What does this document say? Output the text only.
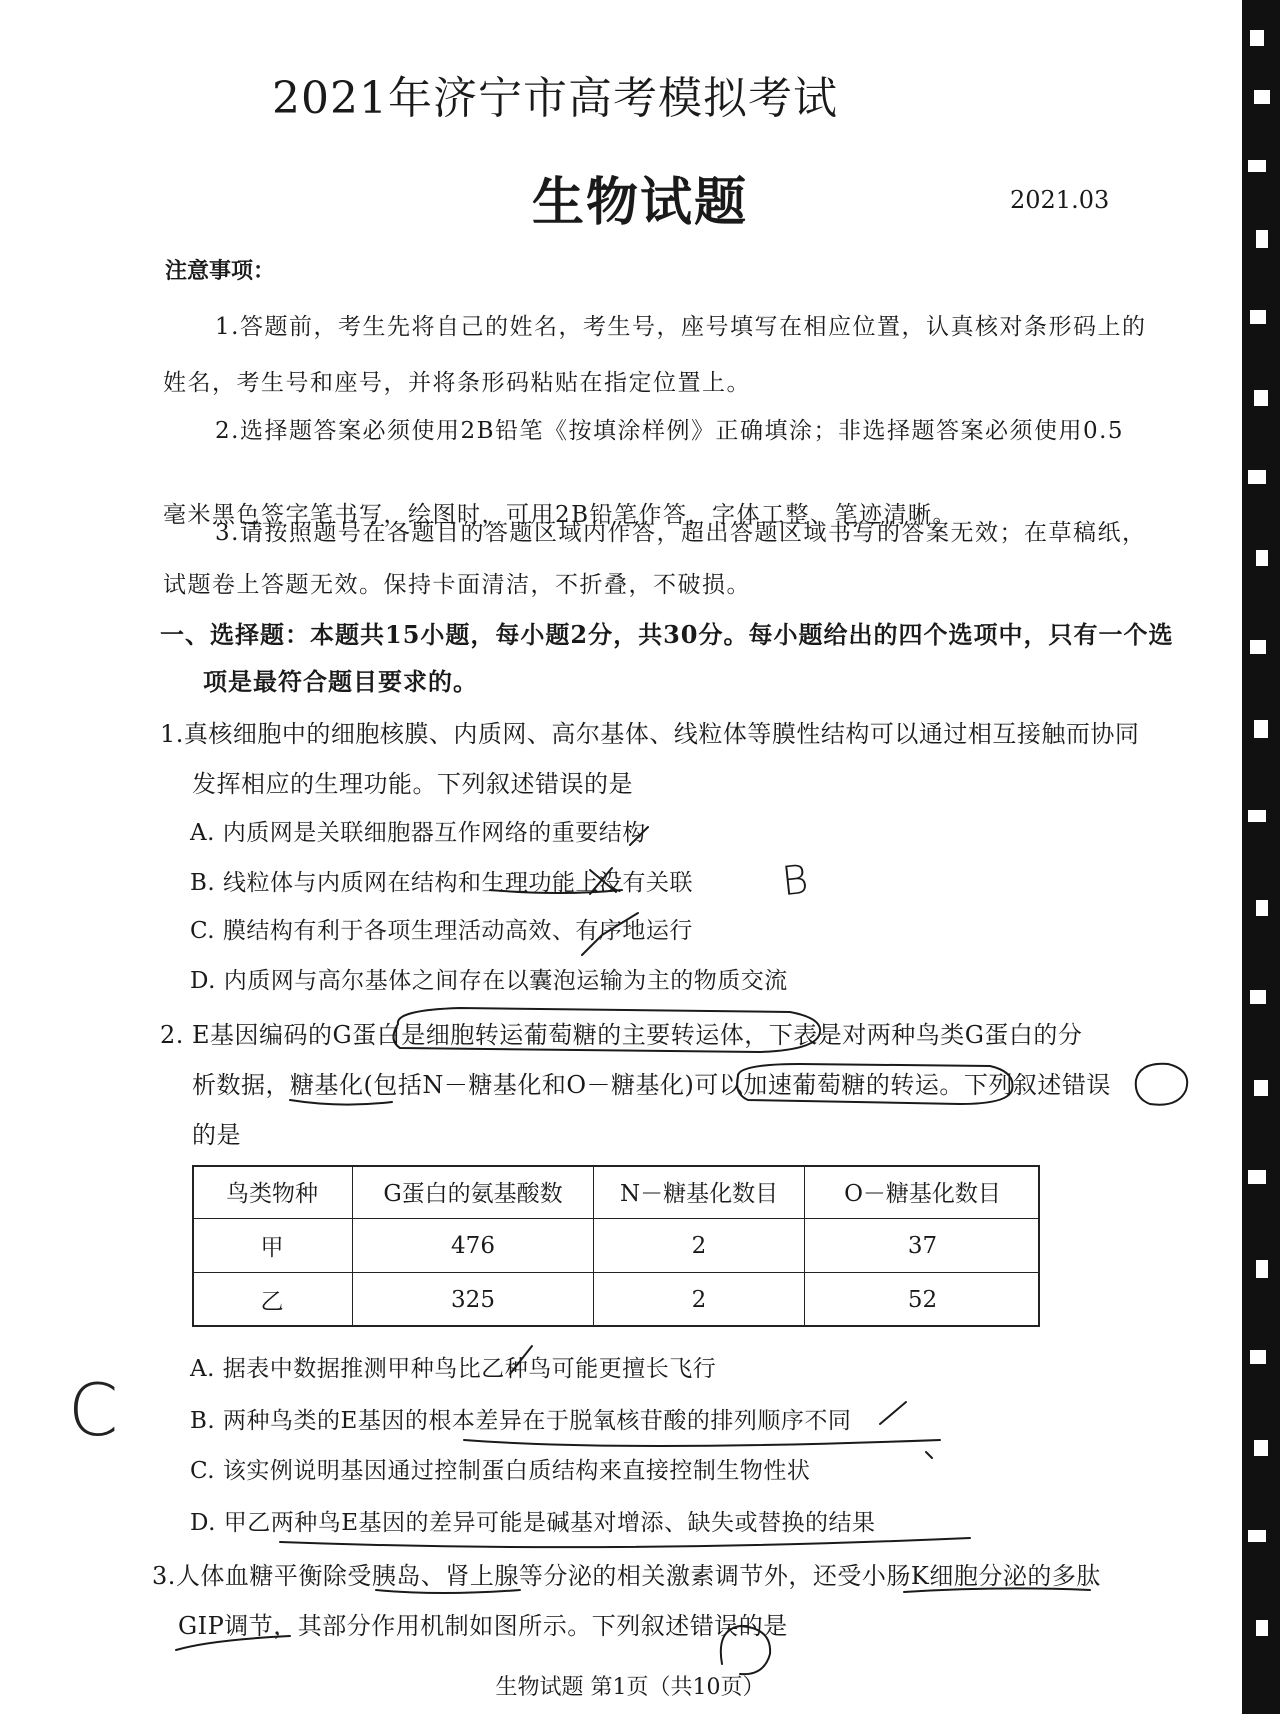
2021年济宁市高考模拟考试
生物试题	2021.03
注意事项：
1.答题前，考生先将自己的姓名，考生号，座号填写在相应位置，认真核对条形码上的
姓名，考生号和座号，并将条形码粘贴在指定位置上。
2.选择题答案必须使用2B铅笔《按填涂样例》正确填涂；非选择题答案必须使用0.5
毫米黑色签字笔书写，绘图时，可用2B铅笔作答，字体工整、笔迹清晰。
3.请按照题号在各题目的答题区域内作答，超出答题区域书写的答案无效；在草稿纸，
试题卷上答题无效。保持卡面清洁，不折叠，不破损。
一、选择题：本题共15小题，每小题2分，共30分。每小题给出的四个选项中，只有一个选
项是最符合题目要求的。
1.真核细胞中的细胞核膜、内质网、高尔基体、线粒体等膜性结构可以通过相互接触而协同
发挥相应的生理功能。下列叙述错误的是
A. 内质网是关联细胞器互作网络的重要结构
B. 线粒体与内质网在结构和生理功能上没有关联
C. 膜结构有利于各项生理活动高效、有序地运行
D. 内质网与高尔基体之间存在以囊泡运输为主的物质交流
B
2. E基因编码的G蛋白是细胞转运葡萄糖的主要转运体，下表是对两种鸟类G蛋白的分
析数据，糖基化(包括N－糖基化和O－糖基化)可以加速葡萄糖的转运。下列叙述错误
的是
鸟类物种	G蛋白的氨基酸数	N－糖基化数目	O－糖基化数目
甲	476	2	37
乙	325	2	52
A. 据表中数据推测甲种鸟比乙种鸟可能更擅长飞行
B. 两种鸟类的E基因的根本差异在于脱氧核苷酸的排列顺序不同
C. 该实例说明基因通过控制蛋白质结构来直接控制生物性状
D. 甲乙两种鸟E基因的差异可能是碱基对增添、缺失或替换的结果
C
3.人体血糖平衡除受胰岛、肾上腺等分泌的相关激素调节外，还受小肠K细胞分泌的多肽
GIP调节，其部分作用机制如图所示。下列叙述错误的是
生物试题 第1页（共10页）
